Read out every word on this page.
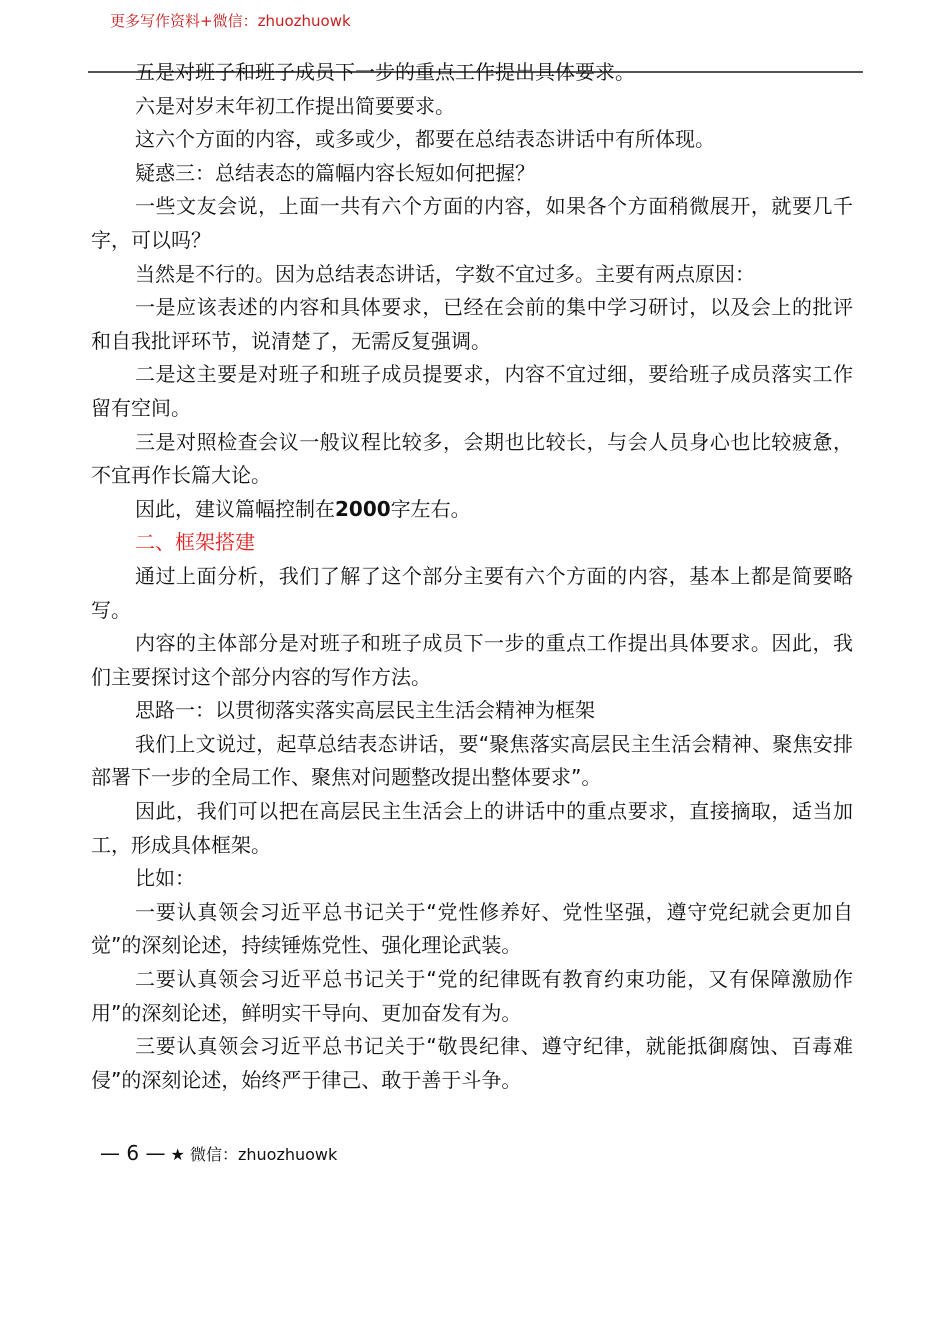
更多写作资料+微信：zhuozhuowk

五是对班子和班子成员下一步的重点工作提出具体要求。

六是对岁末年初工作提出简要要求。

这六个方面的内容，或多或少，都要在总结表态讲话中有所体现。

疑惑三：总结表态的篇幅内容长短如何把握？

一些文友会说，上面一共有六个方面的内容，如果各个方面稍微展开，就要几千字，可以吗？

当然是不行的。因为总结表态讲话，字数不宜过多。主要有两点原因：

一是应该表述的内容和具体要求，已经在会前的集中学习研讨，以及会上的批评和自我批评环节，说清楚了，无需反复强调。

二是这主要是对班子和班子成员提要求，内容不宜过细，要给班子成员落实工作留有空间。

三是对照检查会议一般议程比较多，会期也比较长，与会人员身心也比较疲惫，不宜再作长篇大论。

因此，建议篇幅控制在2000字左右。

二、框架搭建

通过上面分析，我们了解了这个部分主要有六个方面的内容，基本上都是简要略写。

内容的主体部分是对班子和班子成员下一步的重点工作提出具体要求。因此，我们主要探讨这个部分内容的写作方法。

思路一：以贯彻落实落实高层民主生活会精神为框架

我们上文说过，起草总结表态讲话，要“聚焦落实高层民主生活会精神、聚焦安排部署下一步的全局工作、聚焦对问题整改提出整体要求”。

因此，我们可以把在高层民主生活会上的讲话中的重点要求，直接摘取，适当加工，形成具体框架。

比如：

一要认真领会习近平总书记关于“党性修养好、党性坚强，遵守党纪就会更加自觉”的深刻论述，持续锤炼党性、强化理论武装。

二要认真领会习近平总书记关于“党的纪律既有教育约束功能，又有保障激励作用”的深刻论述，鲜明实干导向、更加奋发有为。

三要认真领会习近平总书记关于“敬畏纪律、遵守纪律，就能抵御腐蚀、百毒难侵”的深刻论述，始终严于律己、敢于善于斗争。

— 6 — ★ 微信：zhuozhuowk
